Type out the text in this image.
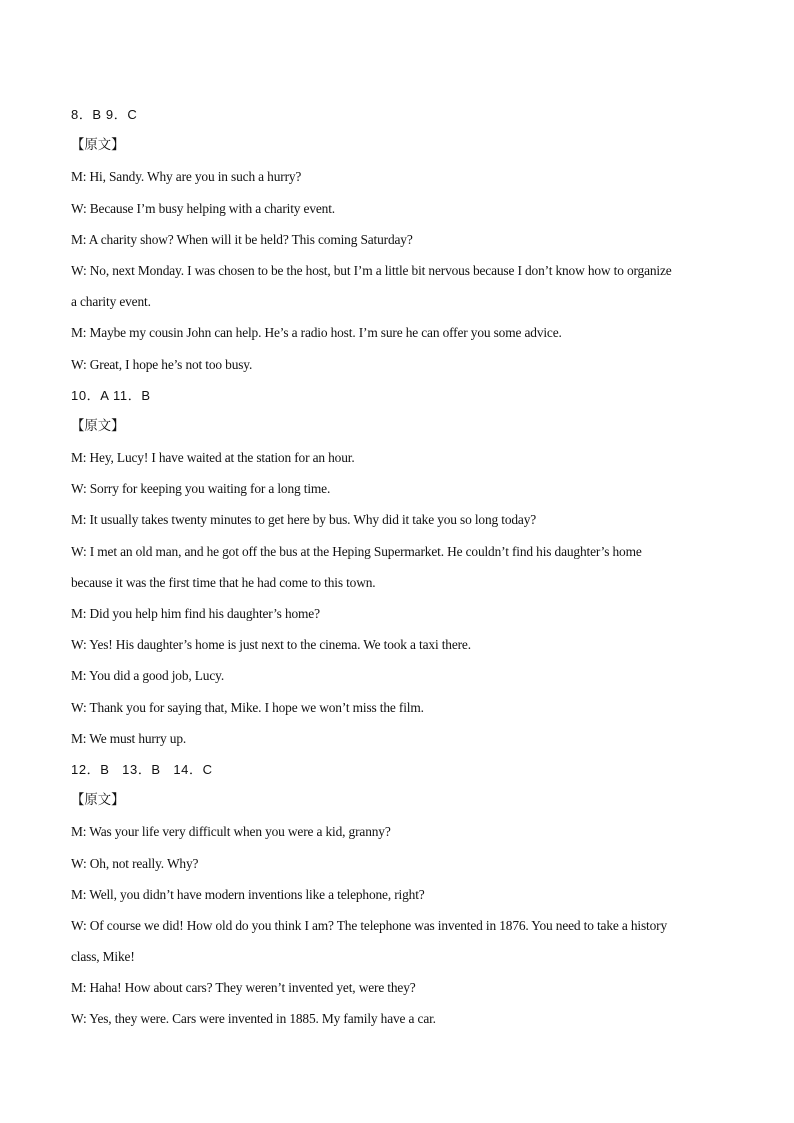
8．B 9．C
【原文】
M: Hi, Sandy. Why are you in such a hurry?
W: Because I’m busy helping with a charity event.
M: A charity show? When will it be held? This coming Saturday?
W: No, next Monday. I was chosen to be the host, but I’m a little bit nervous because I don’t know how to organize
a charity event.
M: Maybe my cousin John can help. He’s a radio host. I’m sure he can offer you some advice.
W: Great, I hope he’s not too busy.
10．A 11．B
【原文】
M: Hey, Lucy! I have waited at the station for an hour.
W: Sorry for keeping you waiting for a long time.
M: It usually takes twenty minutes to get here by bus. Why did it take you so long today?
W: I met an old man, and he got off the bus at the Heping Supermarket. He couldn’t find his daughter’s home
because it was the first time that he had come to this town.
M: Did you help him find his daughter’s home?
W: Yes! His daughter’s home is just next to the cinema. We took a taxi there.
M: You did a good job, Lucy.
W: Thank you for saying that, Mike. I hope we won’t miss the film.
M: We must hurry up.
12．B   13．B   14．C
【原文】
M: Was your life very difficult when you were a kid, granny?
W: Oh, not really. Why?
M: Well, you didn’t have modern inventions like a telephone, right?
W: Of course we did! How old do you think I am? The telephone was invented in 1876. You need to take a history
class, Mike!
M: Haha! How about cars? They weren’t invented yet, were they?
W: Yes, they were. Cars were invented in 1885. My family have a car.
